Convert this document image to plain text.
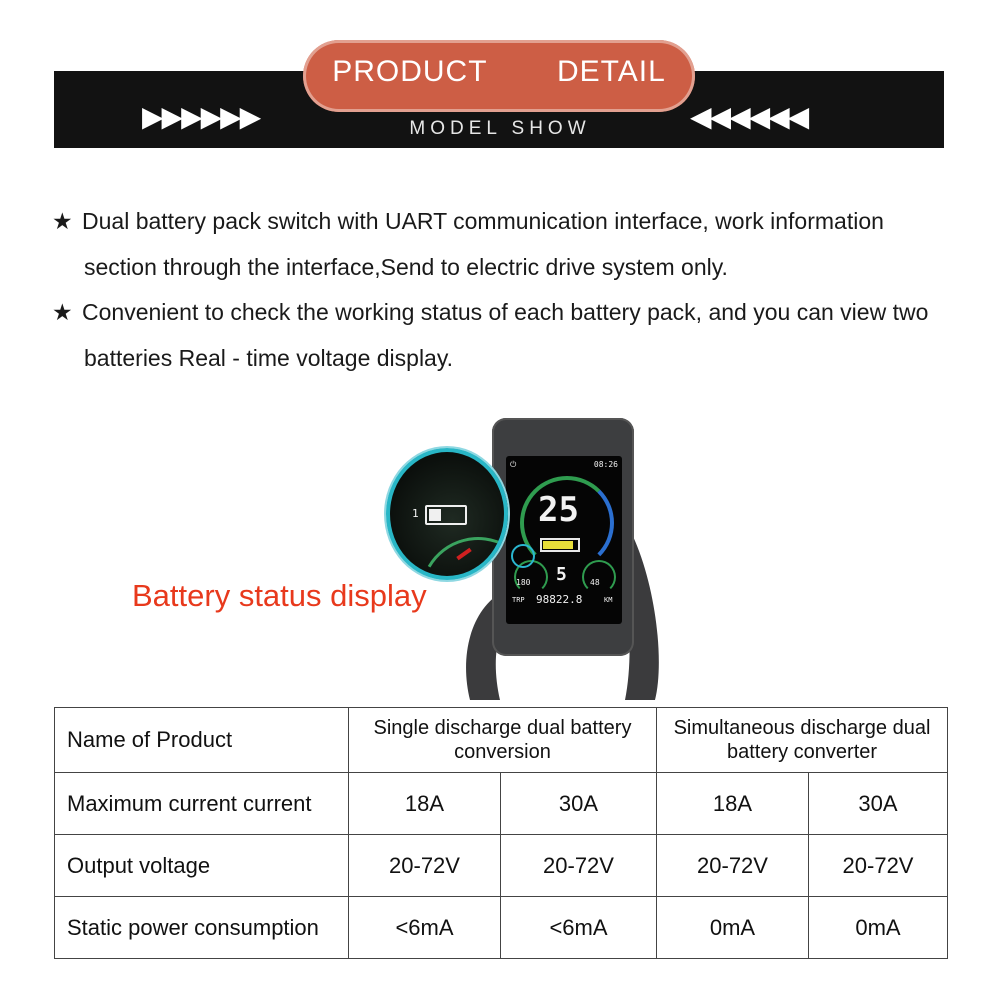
PRODUCT   DETAIL
MODEL SHOW
▶▶▶▶▶▶	◀◀◀◀◀◀
★ Dual battery pack switch with UART communication interface, work information
section through the interface,Send to electric drive system only.
★ Convenient to check the working status of each battery pack, and you can view two
batteries Real - time voltage display.
⏻	08:26
25
180 5	48
TRP 98822.8	KM
1
Battery status display
Name of Product	Single discharge dual battery conversion		Simultaneous discharge dual battery converter	
Maximum current current	18A	30A	18A	30A
Output voltage	20-72V	20-72V	20-72V	20-72V
Static power consumption	<6mA	<6mA	0mA	0mA
